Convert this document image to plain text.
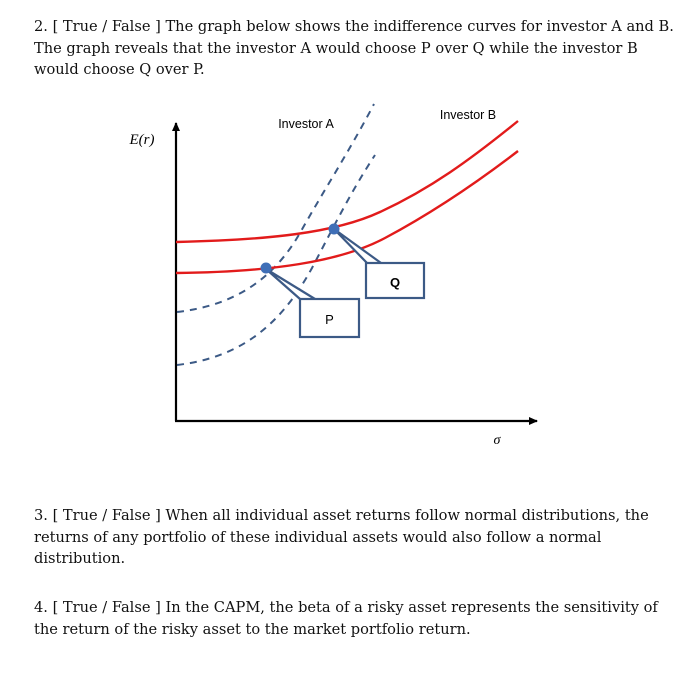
2. [ True / False ] The graph below shows the indifference curves for investor A and B. The graph reveals that the investor A would choose P over Q while the investor B would choose Q over P.
3. [ True / False ] When all individual asset returns follow normal distributions, the returns of any portfolio of these individual assets would also follow a normal distribution.
4. [ True / False ] In the CAPM, the beta of a risky asset represents the sensitivity of the return of the risky asset to the market portfolio return.
P
Q
Investor A
Investor B
E(r)
σ
